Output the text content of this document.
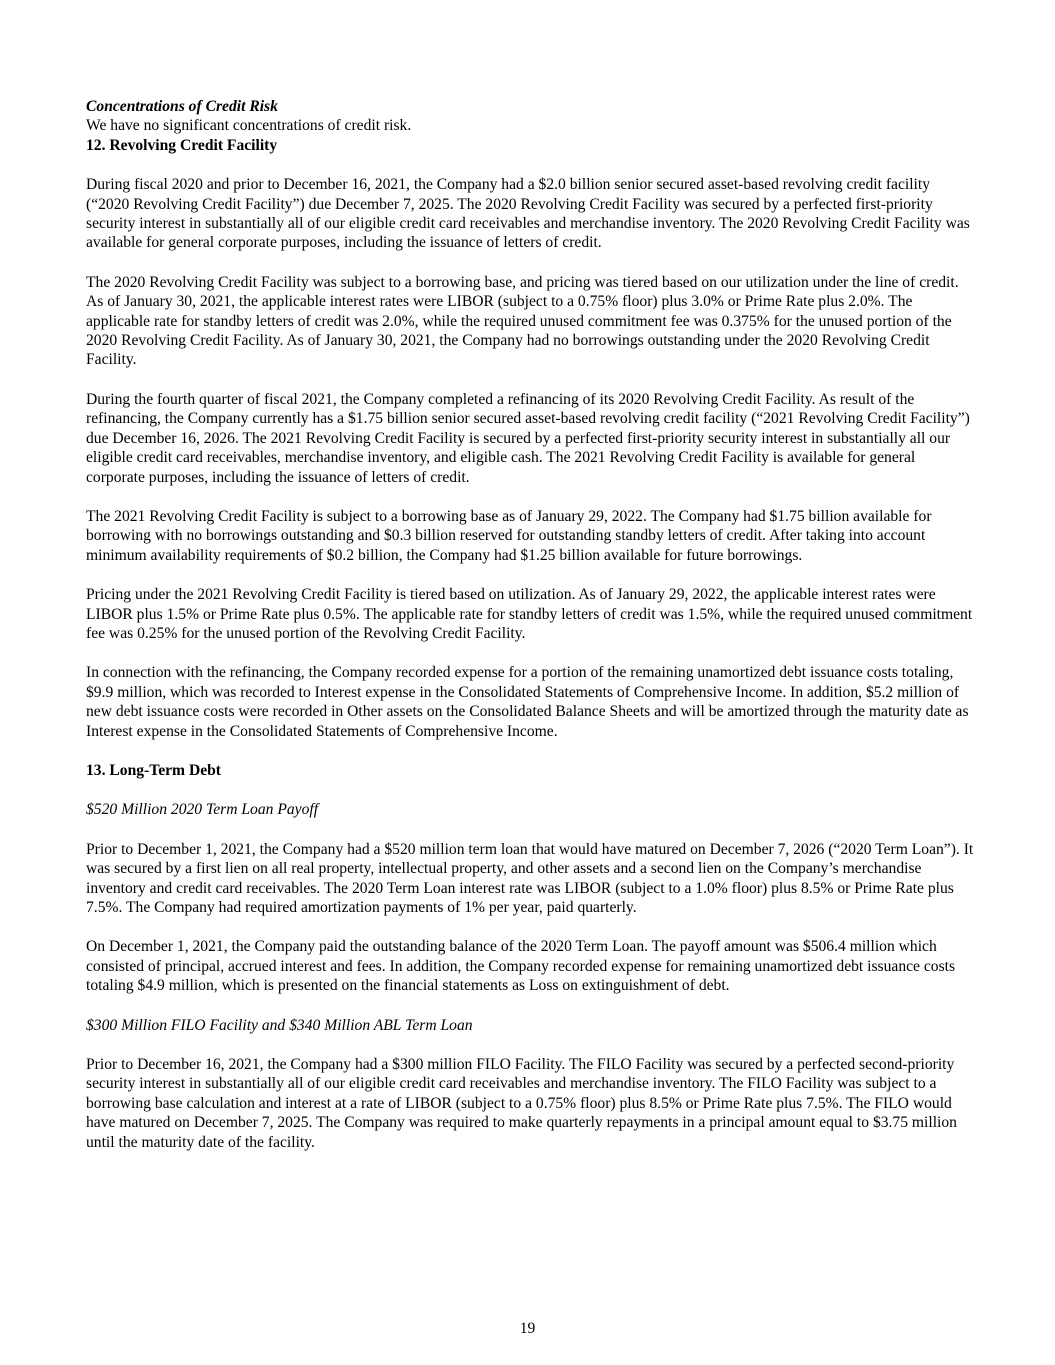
Concentrations of Credit Risk
We have no significant concentrations of credit risk.
12. Revolving Credit Facility
During fiscal 2020 and prior to December 16, 2021, the Company had a $2.0 billion senior secured asset-based revolving credit facility (“2020 Revolving Credit Facility”) due December 7, 2025. The 2020 Revolving Credit Facility was secured by a perfected first-priority security interest in substantially all of our eligible credit card receivables and merchandise inventory. The 2020 Revolving Credit Facility was available for general corporate purposes, including the issuance of letters of credit.
The 2020 Revolving Credit Facility was subject to a borrowing base, and pricing was tiered based on our utilization under the line of credit. As of January 30, 2021, the applicable interest rates were LIBOR (subject to a 0.75% floor) plus 3.0% or Prime Rate plus 2.0%. The applicable rate for standby letters of credit was 2.0%, while the required unused commitment fee was 0.375% for the unused portion of the 2020 Revolving Credit Facility. As of January 30, 2021, the Company had no borrowings outstanding under the 2020 Revolving Credit Facility.
During the fourth quarter of fiscal 2021, the Company completed a refinancing of its 2020 Revolving Credit Facility. As result of the refinancing, the Company currently has a $1.75 billion senior secured asset-based revolving credit facility (“2021 Revolving Credit Facility”) due December 16, 2026. The 2021 Revolving Credit Facility is secured by a perfected first-priority security interest in substantially all our eligible credit card receivables, merchandise inventory, and eligible cash. The 2021 Revolving Credit Facility is available for general corporate purposes, including the issuance of letters of credit.
The 2021 Revolving Credit Facility is subject to a borrowing base as of January 29, 2022. The Company had $1.75 billion available for borrowing with no borrowings outstanding and $0.3 billion reserved for outstanding standby letters of credit. After taking into account minimum availability requirements of $0.2 billion, the Company had $1.25 billion available for future borrowings.
Pricing under the 2021 Revolving Credit Facility is tiered based on utilization. As of January 29, 2022, the applicable interest rates were LIBOR plus 1.5% or Prime Rate plus 0.5%. The applicable rate for standby letters of credit was 1.5%, while the required unused commitment fee was 0.25% for the unused portion of the Revolving Credit Facility.
In connection with the refinancing, the Company recorded expense for a portion of the remaining unamortized debt issuance costs totaling, $9.9 million, which was recorded to Interest expense in the Consolidated Statements of Comprehensive Income. In addition, $5.2 million of new debt issuance costs were recorded in Other assets on the Consolidated Balance Sheets and will be amortized through the maturity date as Interest expense in the Consolidated Statements of Comprehensive Income.
13. Long-Term Debt
$520 Million 2020 Term Loan Payoff
Prior to December 1, 2021, the Company had a $520 million term loan that would have matured on December 7, 2026 (“2020 Term Loan”). It was secured by a first lien on all real property, intellectual property, and other assets and a second lien on the Company’s merchandise inventory and credit card receivables. The 2020 Term Loan interest rate was LIBOR (subject to a 1.0% floor) plus 8.5% or Prime Rate plus 7.5%. The Company had required amortization payments of 1% per year, paid quarterly.
On December 1, 2021, the Company paid the outstanding balance of the 2020 Term Loan. The payoff amount was $506.4 million which consisted of principal, accrued interest and fees. In addition, the Company recorded expense for remaining unamortized debt issuance costs totaling $4.9 million, which is presented on the financial statements as Loss on extinguishment of debt.
$300 Million FILO Facility and $340 Million ABL Term Loan
Prior to December 16, 2021, the Company had a $300 million FILO Facility. The FILO Facility was secured by a perfected second-priority security interest in substantially all of our eligible credit card receivables and merchandise inventory. The FILO Facility was subject to a borrowing base calculation and interest at a rate of LIBOR (subject to a 0.75% floor) plus 8.5% or Prime Rate plus 7.5%. The FILO would have matured on December 7, 2025. The Company was required to make quarterly repayments in a principal amount equal to $3.75 million until the maturity date of the facility.
19
